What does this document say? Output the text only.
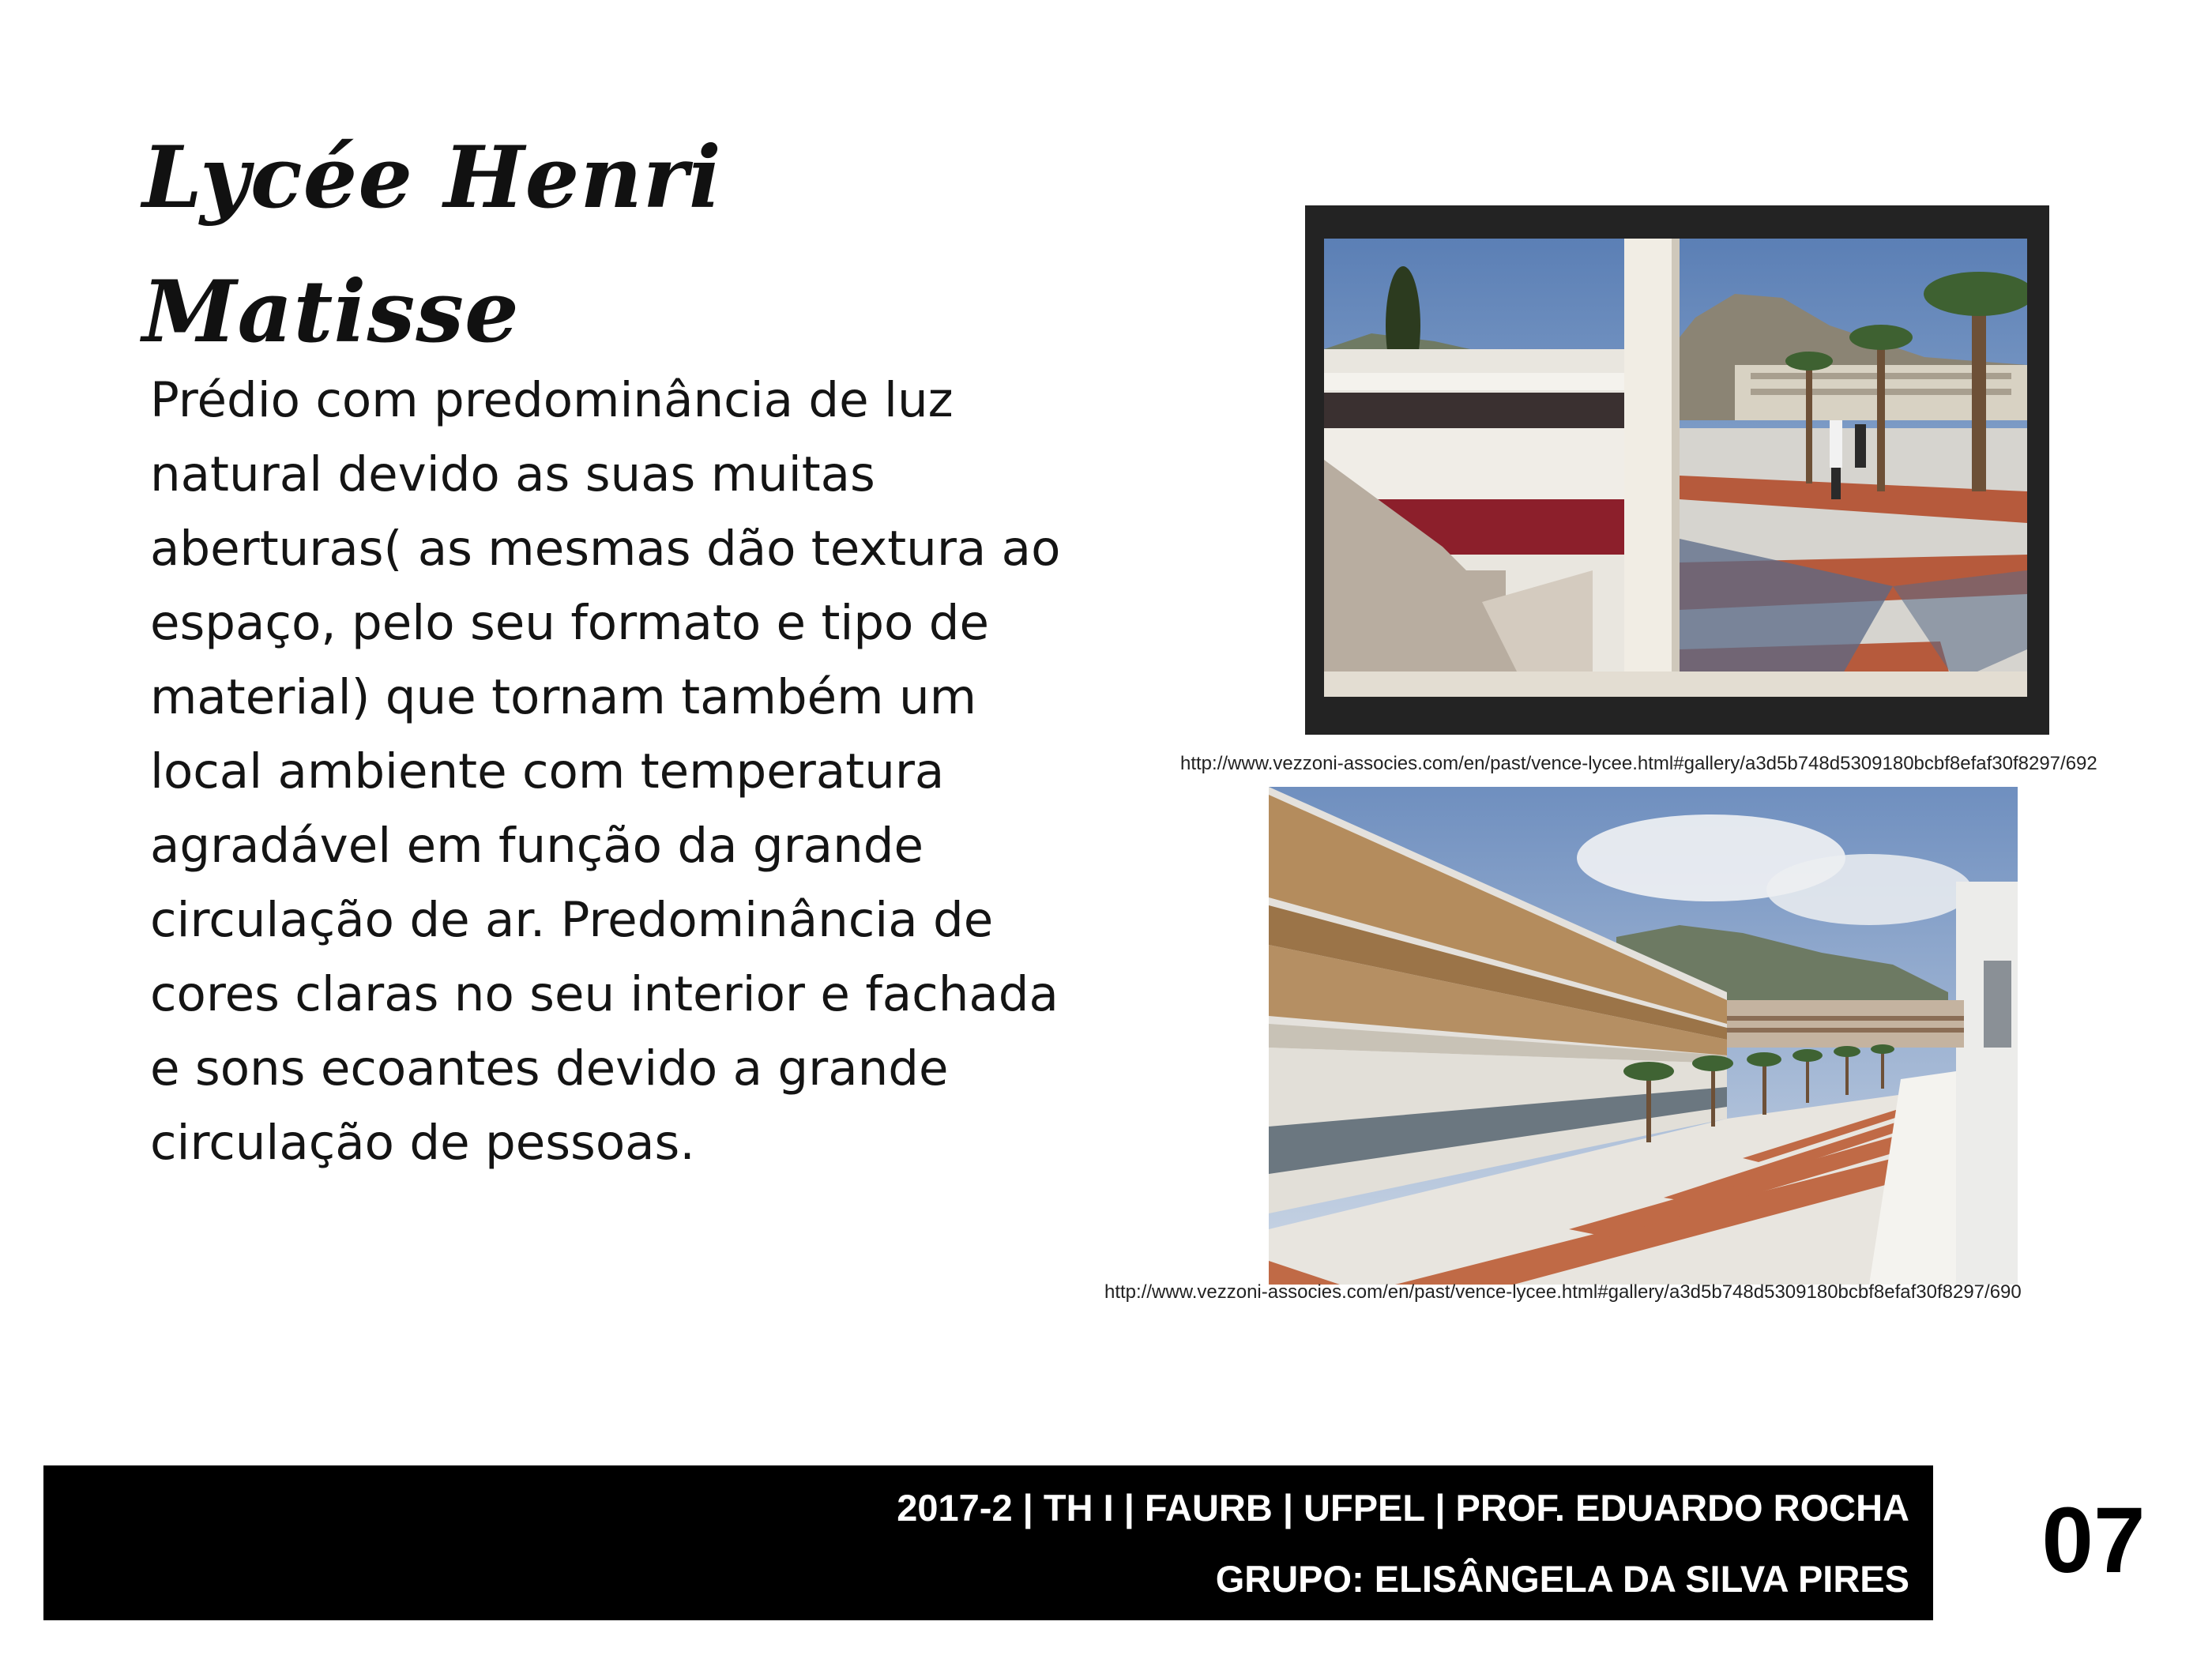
Lycée Henri Matisse

Prédio com predominância de luz natural devido as suas muitas aberturas( as mesmas dão textura ao espaço, pelo seu formato e tipo de material) que tornam também um local ambiente com temperatura agradável em função da grande circulação de ar. Predominância de cores claras no seu interior e fachada e sons ecoantes devido a grande circulação de pessoas.

http://www.vezzoni-associes.com/en/past/vence-lycee.html#gallery/a3d5b748d5309180bcbf8efaf30f8297/692
http://www.vezzoni-associes.com/en/past/vence-lycee.html#gallery/a3d5b748d5309180bcbf8efaf30f8297/690
2017-2 | TH I | FAURB | UFPEL | PROF. EDUARDO ROCHA
GRUPO: ELISÂNGELA DA SILVA PIRES 07
